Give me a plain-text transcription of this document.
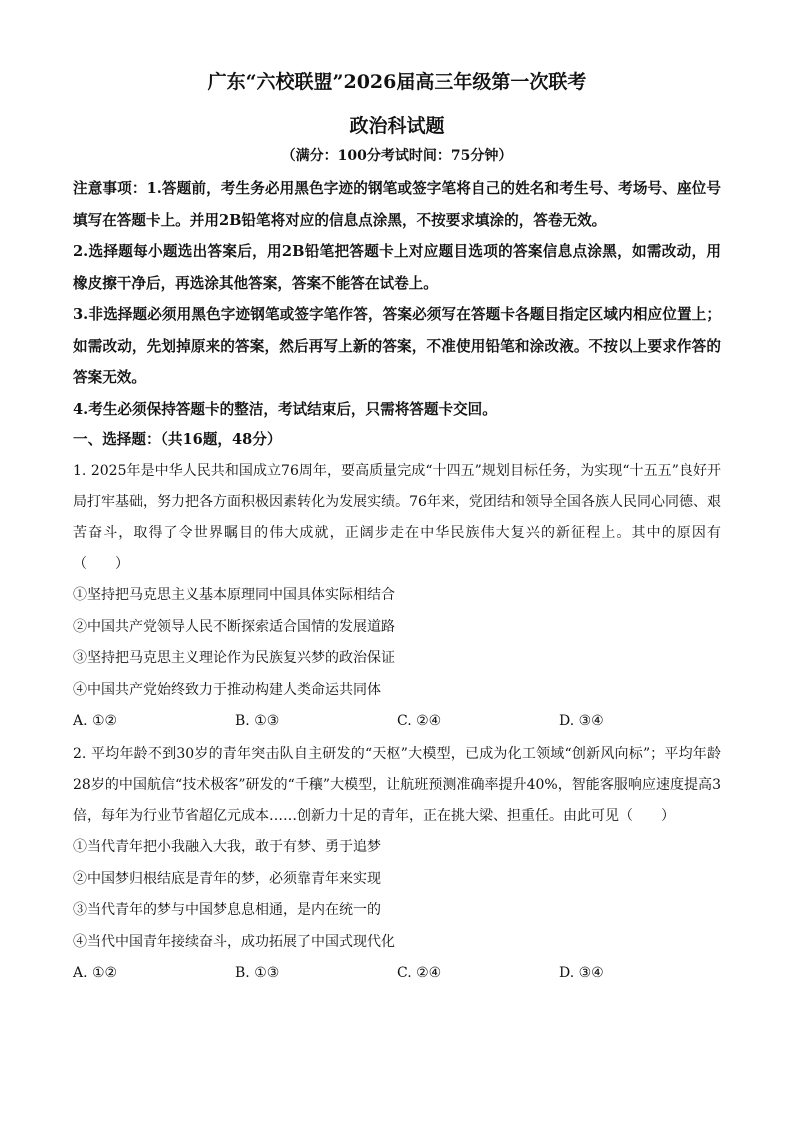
广东“六校联盟”2026届高三年级第一次联考
政治科试题

（满分：100分考试时间：75分钟）

注意事项：1.答题前，考生务必用黑色字迹的钢笔或签字笔将自己的姓名和考生号、考场号、座位号填写在答题卡上。并用2B铅笔将对应的信息点涂黑，不按要求填涂的，答卷无效。

2.选择题每小题选出答案后，用2B铅笔把答题卡上对应题目选项的答案信息点涂黑，如需改动，用橡皮擦干净后，再选涂其他答案，答案不能答在试卷上。

3.非选择题必须用黑色字迹钢笔或签字笔作答，答案必须写在答题卡各题目指定区域内相应位置上；如需改动，先划掉原来的答案，然后再写上新的答案，不准使用铅笔和涂改液。不按以上要求作答的答案无效。

4.考生必须保持答题卡的整洁，考试结束后，只需将答题卡交回。

一、选择题：（共16题，48分）

1. 2025年是中华人民共和国成立76周年，要高质量完成“十四五”规划目标任务，为实现“十五五”良好开局打牢基础，努力把各方面积极因素转化为发展实绩。76年来，党团结和领导全国各族人民同心同德、艰苦奋斗，取得了令世界瞩目的伟大成就，正阔步走在中华民族伟大复兴的新征程上。其中的原因有（　　）

①坚持把马克思主义基本原理同中国具体实际相结合

②中国共产党领导人民不断探索适合国情的发展道路

③坚持把马克思主义理论作为民族复兴梦的政治保证

④中国共产党始终致力于推动构建人类命运共同体

A. ①②	B. ①③	C. ②④	D. ③④

2. 平均年龄不到30岁的青年突击队自主研发的“天枢”大模型，已成为化工领域“创新风向标”；平均年龄28岁的中国航信“技术极客”研发的“千穰”大模型，让航班预测准确率提升40%，智能客服响应速度提高3倍，每年为行业节省超亿元成本……创新力十足的青年，正在挑大梁、担重任。由此可见（　　）

①当代青年把小我融入大我，敢于有梦、勇于追梦

②中国梦归根结底是青年的梦，必须靠青年来实现

③当代青年的梦与中国梦息息相通，是内在统一的

④当代中国青年接续奋斗，成功拓展了中国式现代化

A. ①②	B. ①③	C. ②④	D. ③④
